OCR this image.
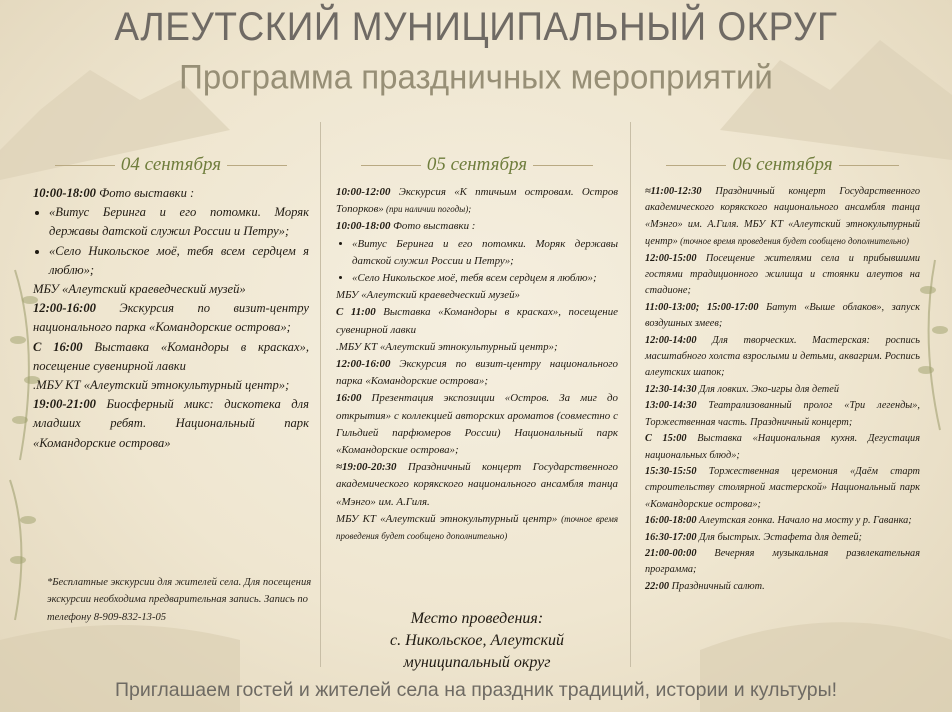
АЛЕУТСКИЙ МУНИЦИПАЛЬНЫЙ ОКРУГ
Программа праздничных мероприятий
04 сентября	05 сентября	06 сентября

10:00-18:00 Фото выставки :

• «Витус Беринга и его потомки. Моряк державы датской служил России и Петру»;
• «Село Никольское моё, тебя всем сердцем я люблю»;

МБУ «Алеутский краеведческий музей»

12:00-16:00 Экскурсия по визит-центру национального парка «Командорские острова»;

С 16:00 Выставка «Командоры в красках», посещение сувенирной лавки

.МБУ КТ «Алеутский этнокультурный центр»;

19:00-21:00 Биосферный микс: дискотека для младших ребят. Национальный парк «Командорские острова»

10:00-12:00 Экскурсия «К птичьим островам. Остров Топорков» (при наличии погоды);

10:00-18:00 Фото выставки :

• «Витус Беринга и его потомки. Моряк державы датской служил России и Петру»;
• «Село Никольское моё, тебя всем сердцем я люблю»;

МБУ «Алеутский краеведческий музей»

С 11:00 Выставка «Командоры в красках», посещение сувенирной лавки

.МБУ КТ «Алеутский этнокультурный центр»;

12:00-16:00 Экскурсия по визит-центру национального парка «Командорские острова»;

16:00 Презентация экспозиции «Остров. За миг до открытия» с коллекцией авторских ароматов (совместно с Гильдией парфюмеров России) Национальный парк «Командорские острова»;

≈19:00-20:30 Праздничный концерт Государственного академического корякского национального ансамбля танца «Мэнго» им. А.Гиля.

МБУ КТ «Алеутский этнокультурный центр» (точное время проведения будет сообщено дополнительно)

≈11:00-12:30 Праздничный концерт Государственного академического корякского национального ансамбля танца «Мэнго» им. А.Гиля. МБУ КТ «Алеутский этнокультурный центр» (точное время проведения будет сообщено дополнительно)

12:00-15:00 Посещение жителями села и прибывшими гостями традиционного жилища и стоянки алеутов на стадионе;

11:00-13:00; 15:00-17:00 Батут «Выше облаков», запуск воздушных змеев;

12:00-14:00 Для творческих. Мастерская: роспись масштабного холста взрослыми и детьми, аквагрим. Роспись алеутских шапок;

12:30-14:30 Для ловких. Эко-игры для детей

13:00-14:30 Театрализованный пролог «Три легенды», Торжественная часть. Праздничный концерт;

С 15:00 Выставка «Национальная кухня. Дегустация национальных блюд»;

15:30-15:50 Торжественная церемония «Даём старт строительству столярной мастерской» Национальный парк «Командорские острова»;

16:00-18:00 Алеутская гонка. Начало на мосту у р. Гаванка;

16:30-17:00 Для быстрых. Эстафета для детей;

21:00-00:00 Вечерняя музыкальная развлекательная программа;

22:00 Праздничный салют.

*Бесплатные экскурсии для жителей села. Для посещения экскурсии необходима предварительная запись. Запись по телефону 8-909-832-13-05	Место проведения:
с. Никольское, Алеутский
муниципальный округ
Приглашаем гостей и жителей села на праздник традиций, истории и культуры!
